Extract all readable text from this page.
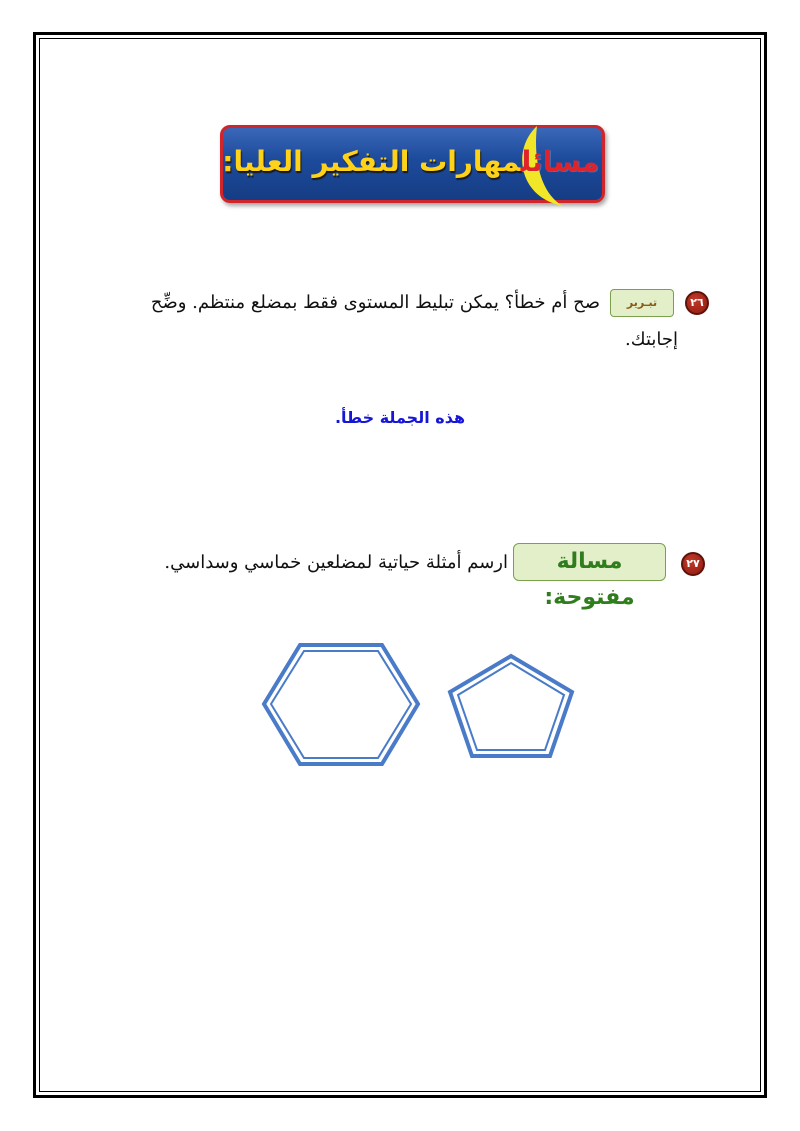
مسائلمهارات التفكير العليا:
٢٦
تبـرير
صح أم خطأ؟ يمكن تبليط المستوى فقط بمضلع منتظم. وضِّح
إجابتك.
هذه الجملة خطأ.
٢٧
مسالة مفتوحة:
ارسم أمثلة حياتية لمضلعين خماسي وسداسي.
